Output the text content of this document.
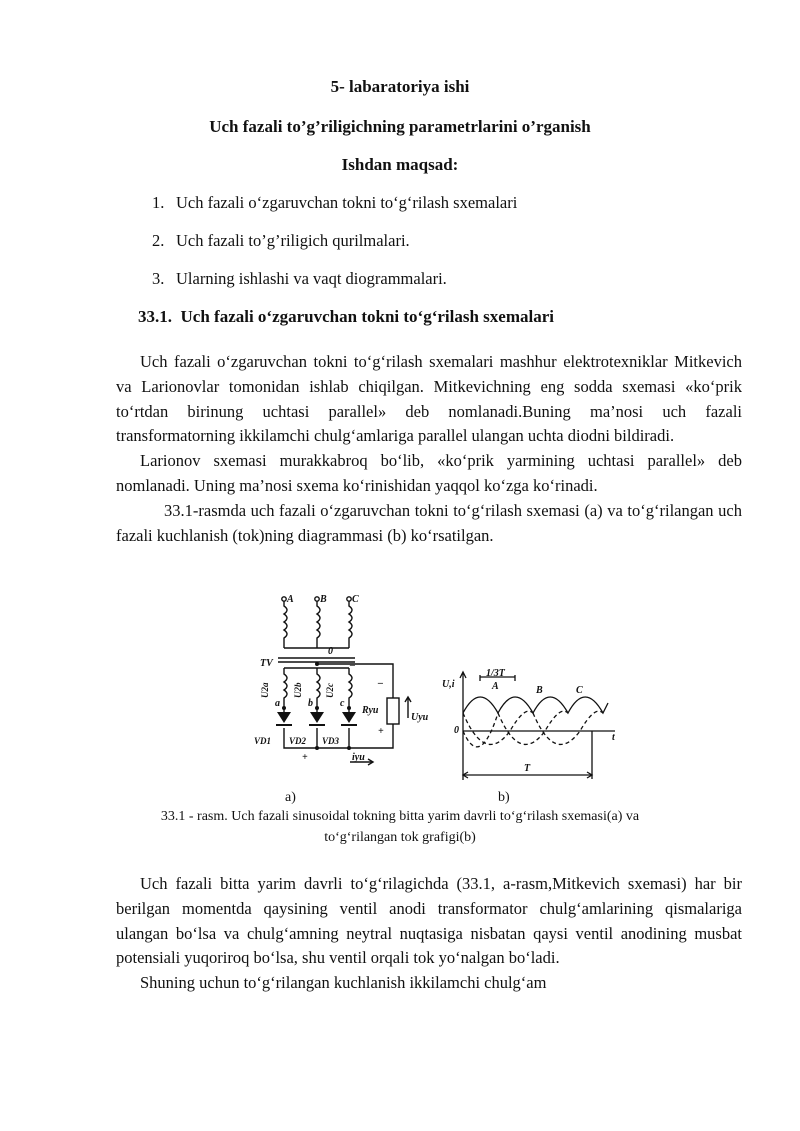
5- labaratoriya ishi
Uch fazali to’g’riligichning parametrlarini o’rganish
Ishdan maqsad:
1. Uch fazali o‘zgaruvchan tokni to‘g‘rilash sxemalari
2. Uch fazali to’g’riligich qurilmalari.
3. Ularning ishlashi va vaqt diogrammalari.
33.1. Uch fazali o‘zgaruvchan tokni to‘g‘rilash sxemalari

Uch fazali o‘zgaruvchan tokni to‘g‘rilash sxemalari mashhur elektrotexniklar Mitkevich va Larionovlar tomonidan ishlab chiqilgan. Mitkevichning eng sodda sxemasi «ko‘prik to‘rtdan birinung uchtasi parallel» deb nomlanadi.Buning ma’nosi uch fazali transformatorning ikkilamchi chulg‘amlariga parallel ulangan uchta diodni bildiradi.

Larionov sxemasi murakkabroq bo‘lib, «ko‘prik yarmining uchtasi parallel» deb nomlanadi. Uning ma’nosi sxema ko‘rinishidan yaqqol ko‘zga ko‘rinadi.

33.1-rasmda uch fazali o‘zgaruvchan tokni to‘g‘rilash sxemasi (a) va to‘g‘rilangan uch fazali kuchlanish (tok)ning diagrammasi (b) ko‘rsatilgan.

A	B	C
TV
0
–
a	b	c
VD1 VD2 VD3
+
Ryu
Uyu
iyu
–
+
U2a	U2b U2c	U,i
1/3T
A	B	C
0
t
T
a)	b)
33.1 - rasm. Uch fazali sinusoidal tokning bitta yarim davrli to‘g‘rilash sxemasi(a) va
to‘g‘rilangan tok grafigi(b)

Uch fazali bitta yarim davrli to‘g‘rilagichda (33.1, a-rasm,Mitkevich sxemasi) har bir berilgan momentda qaysining ventil anodi transformator chulg‘amlarining qismalariga ulangan bo‘lsa va chulg‘amning neytral nuqtasiga nisbatan qaysi ventil anodining musbat potensiali yuqoriroq bo‘lsa, shu ventil orqali tok yo‘nalgan bo‘ladi.

Shuning uchun to‘g‘rilangan kuchlanish ikkilamchi chulg‘am
